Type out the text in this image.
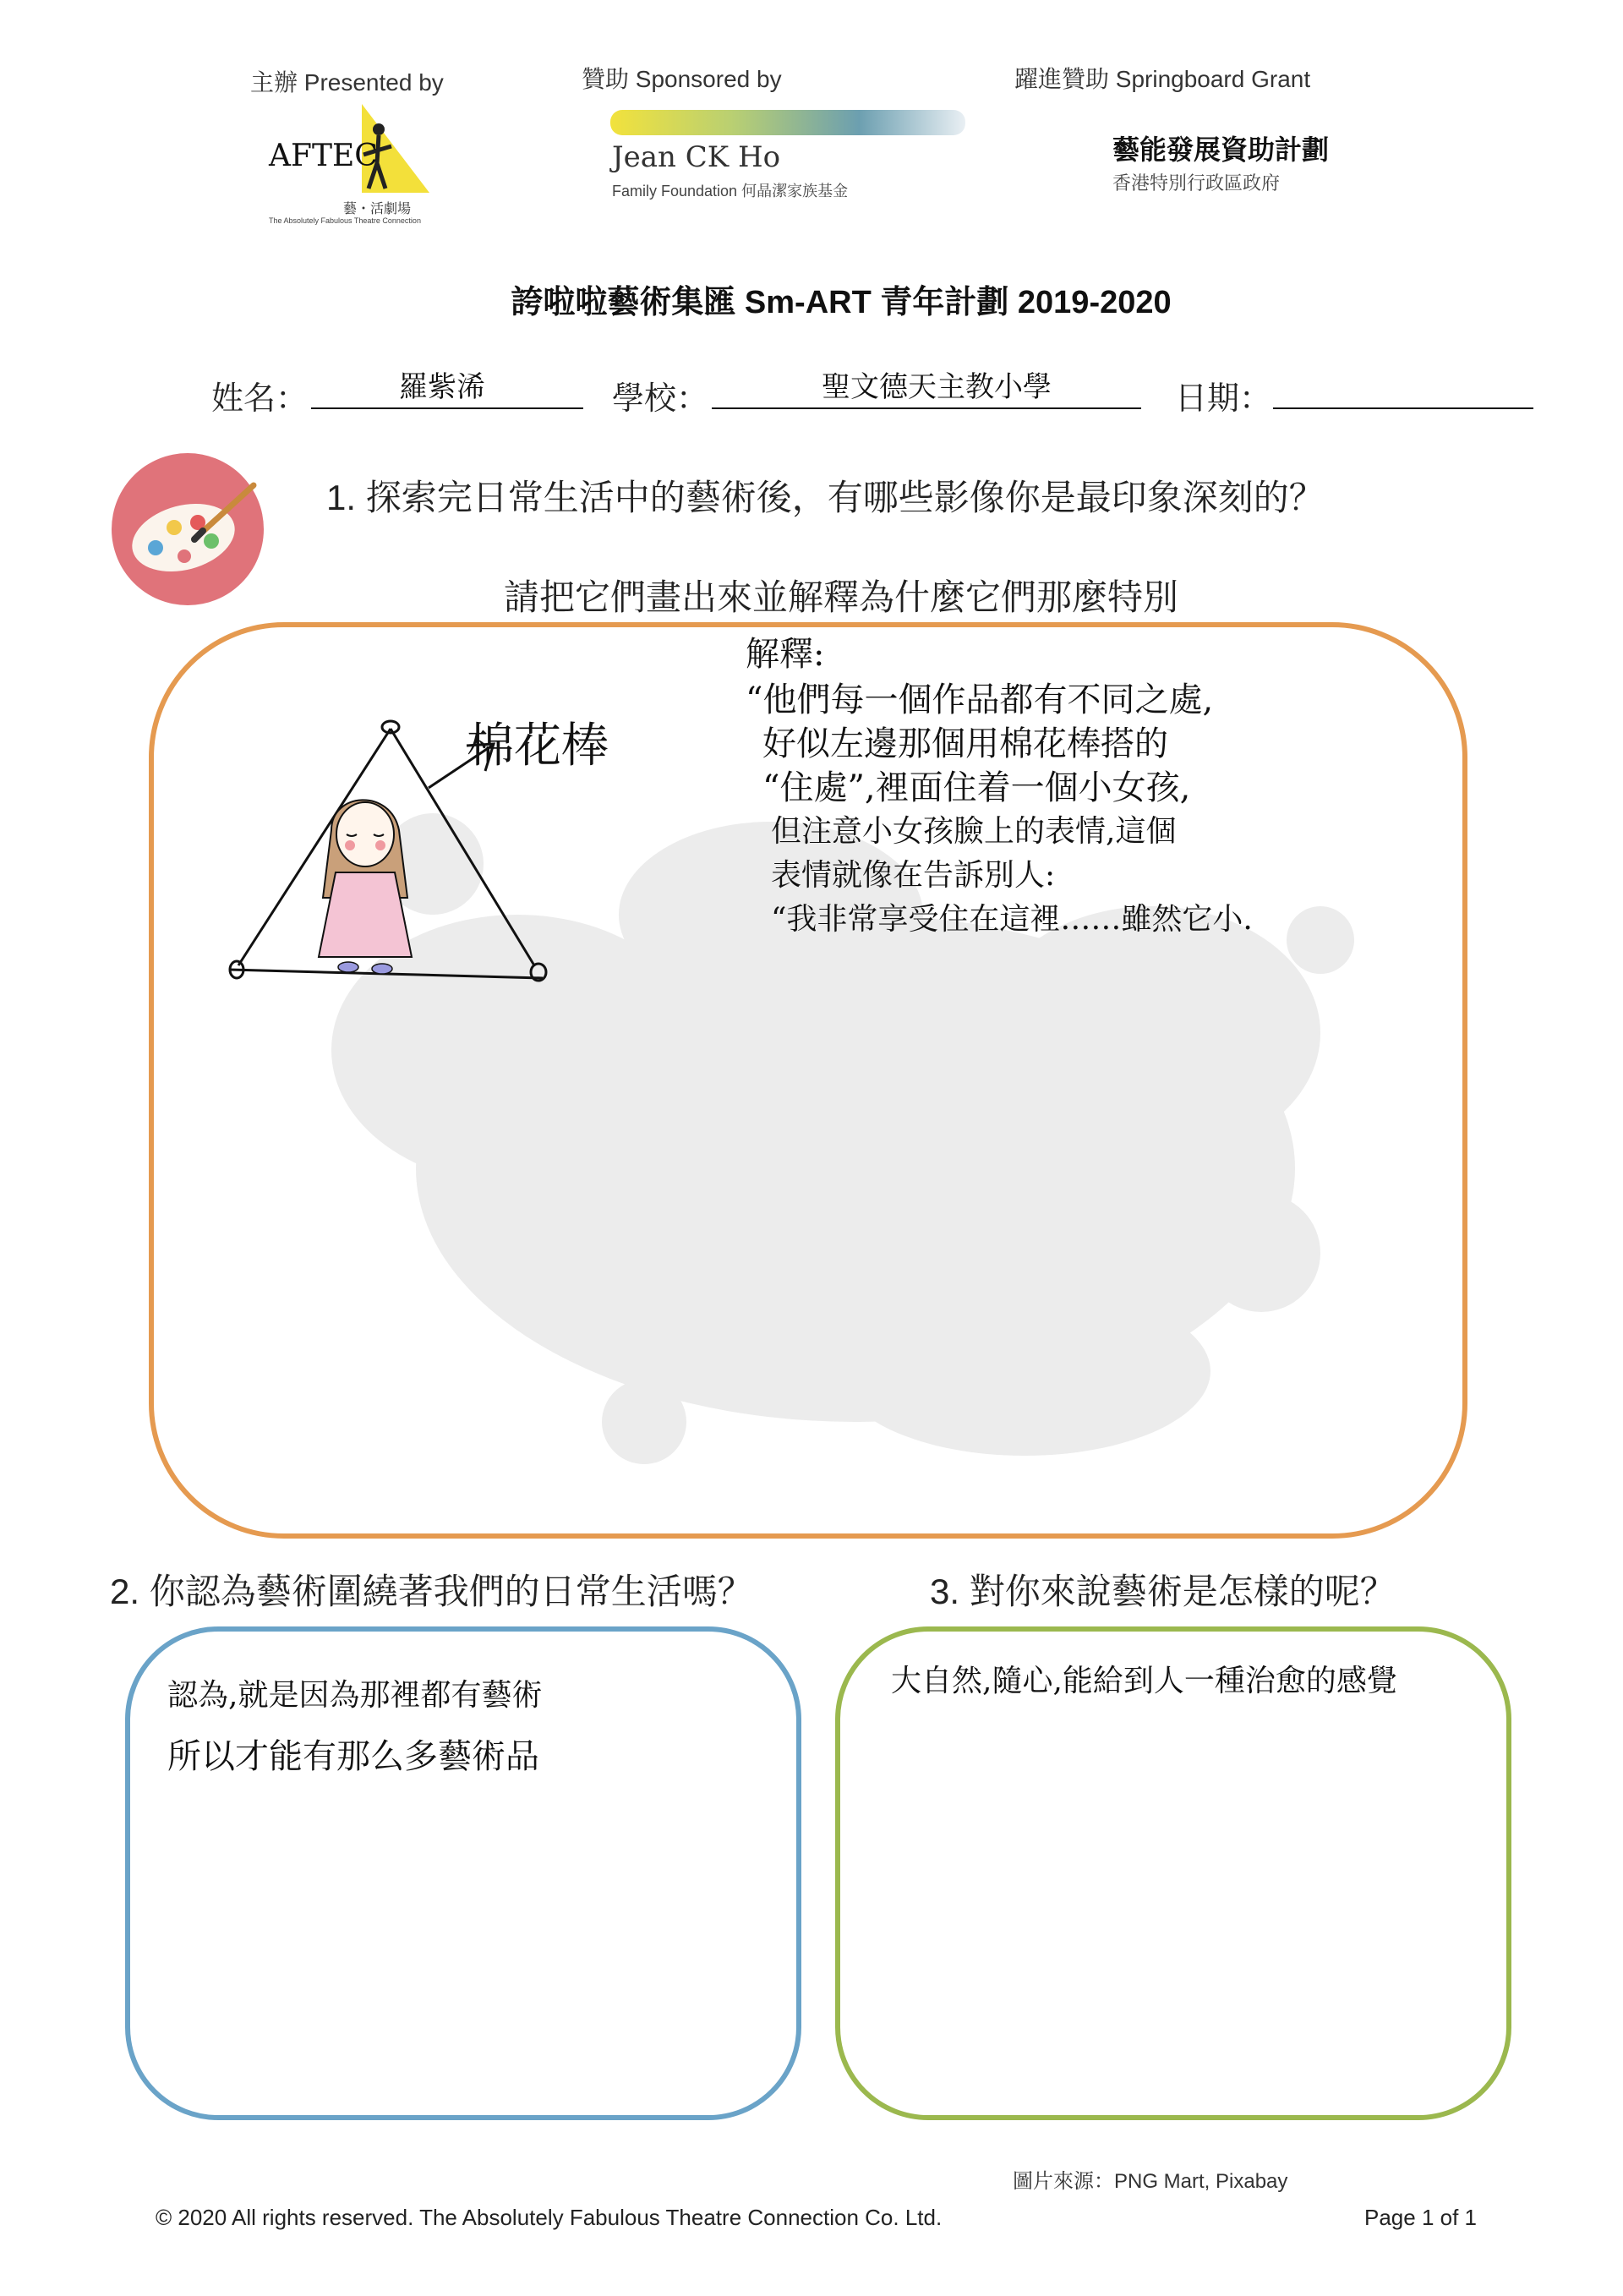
主辦 Presented by	贊助 Sponsored by	躍進贊助 Springboard Grant
AFTEC
藝・活劇場
The Absolutely Fabulous Theatre Connection
Jean CK Ho
Family Foundation 何晶潔家族基金
藝能發展資助計劃
香港特別行政區政府
誇啦啦藝術集匯 Sm-ART 青年計劃 2019-2020
姓名：	羅紫浠	學校：	聖文德天主教小學	日期：
1. 探索完日常生活中的藝術後，有哪些影像你是最印象深刻的？
請把它們畫出來並解釋為什麼它們那麼特別
棉花棒
解釋:
“他們每一個作品都有不同之處,
好似左邊那個用棉花棒搭的
“住處”,裡面住着一個小女孩,
但注意小女孩臉上的表情,這個
表情就像在告訴別人:
“我非常享受住在這裡……雖然它小.
2. 你認為藝術圍繞著我們的日常生活嗎？
認為,就是因為那裡都有藝術
所以才能有那么多藝術品
3. 對你來說藝術是怎樣的呢？
大自然,隨心,能給到人一種治愈的感覺
圖片來源：PNG Mart, Pixabay
© 2020 All rights reserved. The Absolutely Fabulous Theatre Connection Co. Ltd.	Page 1 of 1
